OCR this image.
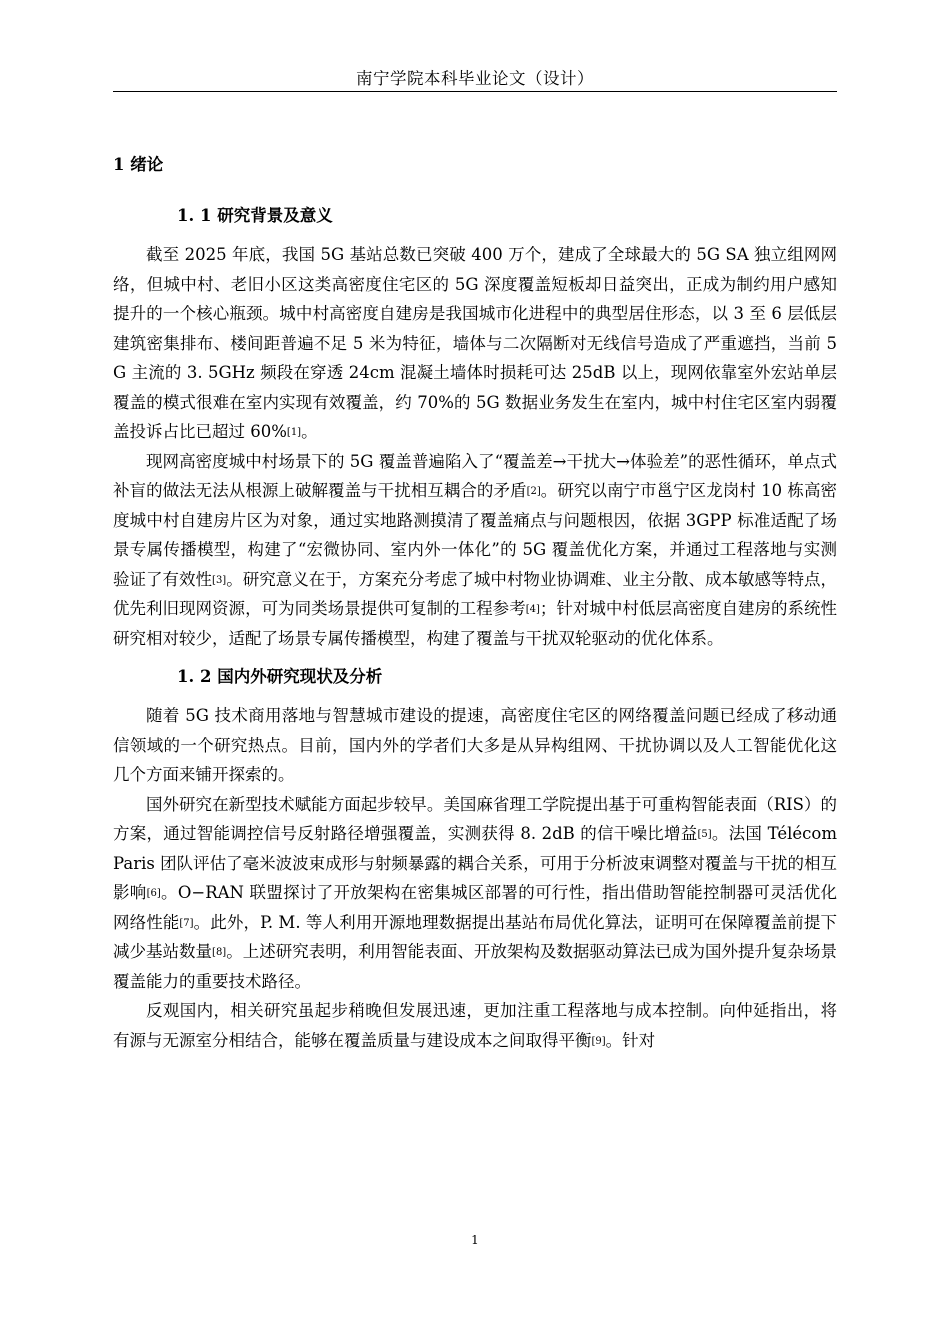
南宁学院本科毕业论文（设计）
1 绪论
1. 1 研究背景及意义

截至 2025 年底，我国 5G 基站总数已突破 400 万个，建成了全球最大的 5G SA 独立组网网络，但城中村、老旧小区这类高密度住宅区的 5G 深度覆盖短板却日益突出，正成为制约用户感知提升的一个核心瓶颈。城中村高密度自建房是我国城市化进程中的典型居住形态，以 3 至 6 层低层建筑密集排布、楼间距普遍不足 5 米为特征，墙体与二次隔断对无线信号造成了严重遮挡，当前 5G 主流的 3. 5GHz 频段在穿透 24cm 混凝土墙体时损耗可达 25dB 以上，现网依靠室外宏站单层覆盖的模式很难在室内实现有效覆盖，约 70%的 5G 数据业务发生在室内，城中村住宅区室内弱覆盖投诉占比已超过 60%[1]。

现网高密度城中村场景下的 5G 覆盖普遍陷入了“覆盖差→干扰大→体验差”的恶性循环，单点式补盲的做法无法从根源上破解覆盖与干扰相互耦合的矛盾[2]。研究以南宁市邕宁区龙岗村 10 栋高密度城中村自建房片区为对象，通过实地路测摸清了覆盖痛点与问题根因，依据 3GPP 标准适配了场景专属传播模型，构建了“宏微协同、室内外一体化”的 5G 覆盖优化方案，并通过工程落地与实测验证了有效性[3]。研究意义在于，方案充分考虑了城中村物业协调难、业主分散、成本敏感等特点，优先利旧现网资源，可为同类场景提供可复制的工程参考[4]；针对城中村低层高密度自建房的系统性研究相对较少，适配了场景专属传播模型，构建了覆盖与干扰双轮驱动的优化体系。

1. 2 国内外研究现状及分析

随着 5G 技术商用落地与智慧城市建设的提速，高密度住宅区的网络覆盖问题已经成了移动通信领域的一个研究热点。目前，国内外的学者们大多是从异构组网、干扰协调以及人工智能优化这几个方面来铺开探索的。

国外研究在新型技术赋能方面起步较早。美国麻省理工学院提出基于可重构智能表面（RIS）的方案，通过智能调控信号反射路径增强覆盖，实测获得 8. 2dB 的信干噪比增益[5]。法国 Télécom Paris 团队评估了毫米波波束成形与射频暴露的耦合关系，可用于分析波束调整对覆盖与干扰的相互影响[6]。O−RAN 联盟探讨了开放架构在密集城区部署的可行性，指出借助智能控制器可灵活优化网络性能[7]。此外，P. M. 等人利用开源地理数据提出基站布局优化算法，证明可在保障覆盖前提下减少基站数量[8]。上述研究表明，利用智能表面、开放架构及数据驱动算法已成为国外提升复杂场景覆盖能力的重要技术路径。

反观国内，相关研究虽起步稍晚但发展迅速，更加注重工程落地与成本控制。向仲延指出，将有源与无源室分相结合，能够在覆盖质量与建设成本之间取得平衡[9]。针对

1
